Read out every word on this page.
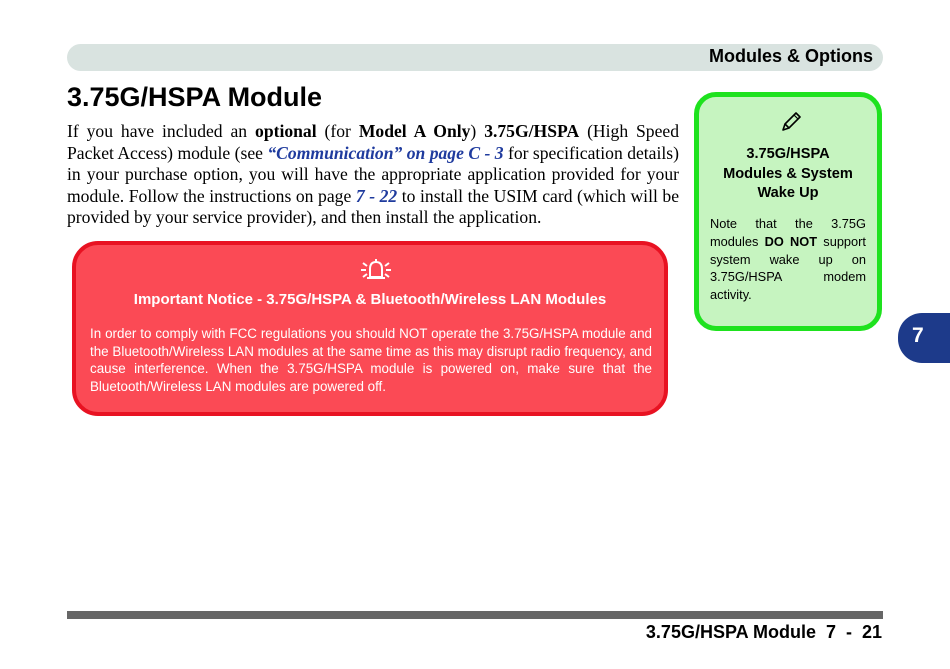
Modules & Options
3.75G/HSPA Module

If you have included an optional (for Model A Only) 3.75G/HSPA (High Speed Packet Access) module (see “Communication” on page C - 3 for specification details) in your purchase option, you will have the appropriate application provided for your module. Follow the instructions on page 7 - 22 to install the USIM card (which will be provided by your service provider), and then install the application.

Important Notice - 3.75G/HSPA & Bluetooth/Wireless LAN Modules

In order to comply with FCC regulations you should NOT operate the 3.75G/HSPA module and the Bluetooth/Wireless LAN modules at the same time as this may disrupt radio frequency, and cause interference. When the 3.75G/HSPA module is powered on, make sure that the Bluetooth/Wireless LAN modules are powered off.

3.75G/HSPA
Modules & System
Wake Up

Note that the 3.75G modules DO NOT support system wake up on 3.75G/HSPA modem activity.

7
3.75G/HSPA Module  7  -  21
